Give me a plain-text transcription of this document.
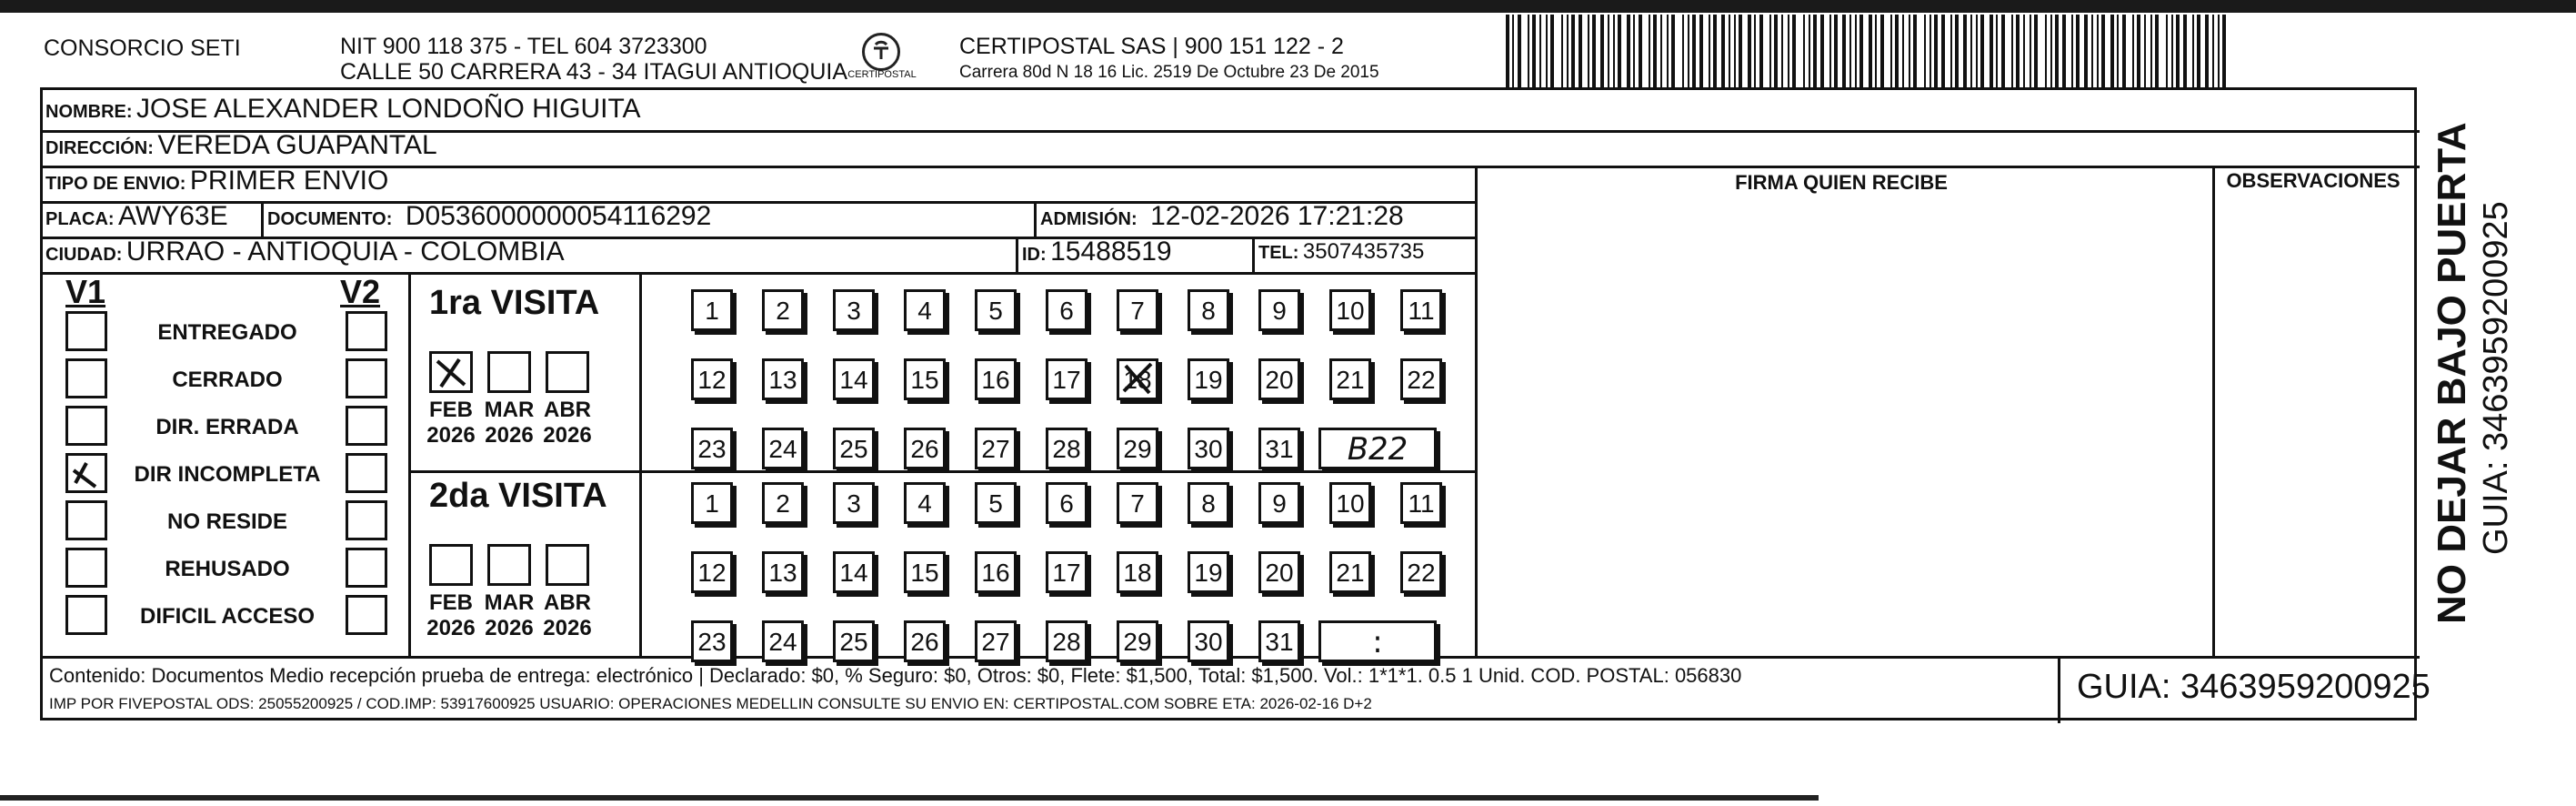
CONSORCIO SETI	NIT 900 118 375 - TEL 604 3723300
CALLE 50 CARRERA 43 - 34 ITAGUI ANTIOQUIA CERTIPOSTAL
CERTIPOSTAL SAS | 900 151 122 - 2
Carrera 80d N 18 16 Lic. 2519 De Octubre 23 De 2015
NOMBRE: JOSE ALEXANDER LONDOÑO HIGUITA
DIRECCIÓN: VEREDA GUAPANTAL
TIPO DE ENVIO: PRIMER ENVIO
PLACA: AWY63E DOCUMENTO: D0536000000054116292	ADMISIÓN: 12-02-2026 17:21:28
CIUDAD: URRAO - ANTIOQUIA - COLOMBIA	ID: 15488519	TEL: 3507435735
FIRMA QUIEN RECIBE	OBSERVACIONES
V1	V2
ENTREGADO
CERRADO
DIR. ERRADA
DIR INCOMPLETA
NO RESIDE
REHUSADO
DIFICIL ACCESO
1ra VISITA
2da VISITA
FEB
2026
MAR
2026
ABR
2026
1	2	3	4	5	6	7	8	9	10	11
12 13 14 15 16 17 18 19 20 21 22
23 24 25 26 27 28 29 30 31	B22
FEB
2026
MAR
2026
ABR
2026
1	2	3	4	5	6	7	8	9	10	11
12 13 14 15 16 17 18 19 20 21 22
23 24 25 26 27 28 29 30 31	:
Contenido: Documentos Medio recepción prueba de entrega: electrónico | Declarado: $0, % Seguro: $0, Otros: $0, Flete: $1,500, Total: $1,500. Vol.: 1*1*1. 0.5 1 Unid. COD. POSTAL: 056830
IMP POR FIVEPOSTAL ODS: 25055200925 / COD.IMP: 53917600925 USUARIO: OPERACIONES MEDELLIN CONSULTE SU ENVIO EN: CERTIPOSTAL.COM SOBRE ETA: 2026-02-16 D+2	GUIA: 3463959200925
NO DEJAR BAJO PUERTA GUIA: 3463959200925
